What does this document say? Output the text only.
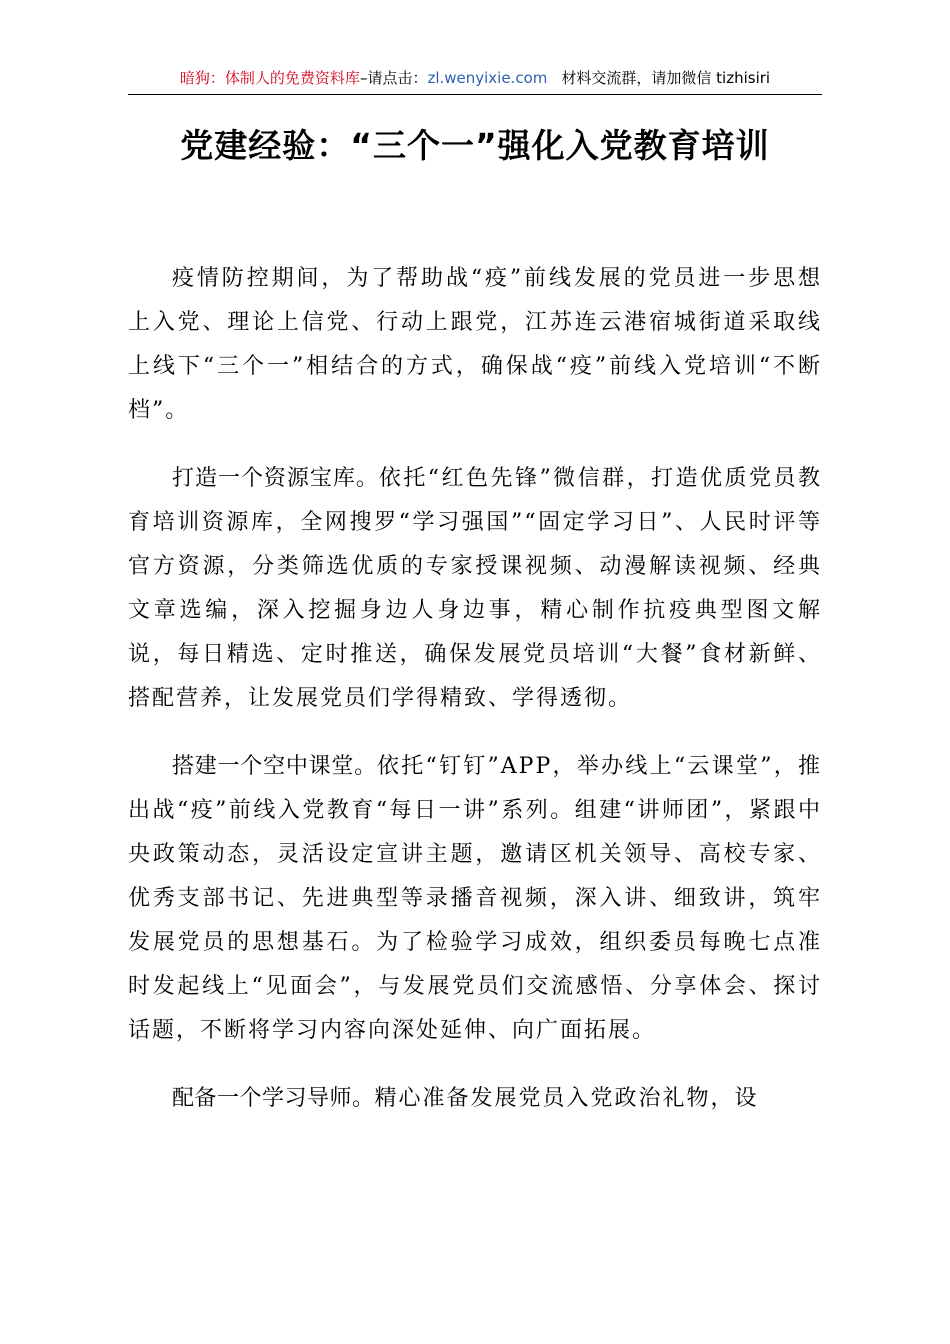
暗狗：体制人的免费资料库–请点击：zl.wenyixie.com 材料交流群，请加微信 tizhisiri
党建经验：“三个一”强化入党教育培训

疫情防控期间，为了帮助战“疫”前线发展的党员进一步思想上入党、理论上信党、行动上跟党，江苏连云港宿城街道采取线上线下“三个一”相结合的方式，确保战“疫”前线入党培训“不断档”。

打造一个资源宝库。依托“红色先锋”微信群，打造优质党员教育培训资源库，全网搜罗“学习强国”“固定学习日”、人民时评等官方资源，分类筛选优质的专家授课视频、动漫解读视频、经典文章选编，深入挖掘身边人身边事，精心制作抗疫典型图文解说，每日精选、定时推送，确保发展党员培训“大餐”食材新鲜、搭配营养，让发展党员们学得精致、学得透彻。

搭建一个空中课堂。依托“钉钉”APP，举办线上“云课堂”，推出战“疫”前线入党教育“每日一讲”系列。组建“讲师团”，紧跟中央政策动态，灵活设定宣讲主题，邀请区机关领导、高校专家、优秀支部书记、先进典型等录播音视频，深入讲、细致讲，筑牢发展党员的思想基石。为了检验学习成效，组织委员每晚七点准时发起线上“见面会”，与发展党员们交流感悟、分享体会、探讨话题，不断将学习内容向深处延伸、向广面拓展。

配备一个学习导师。精心准备发展党员入党政治礼物，设
